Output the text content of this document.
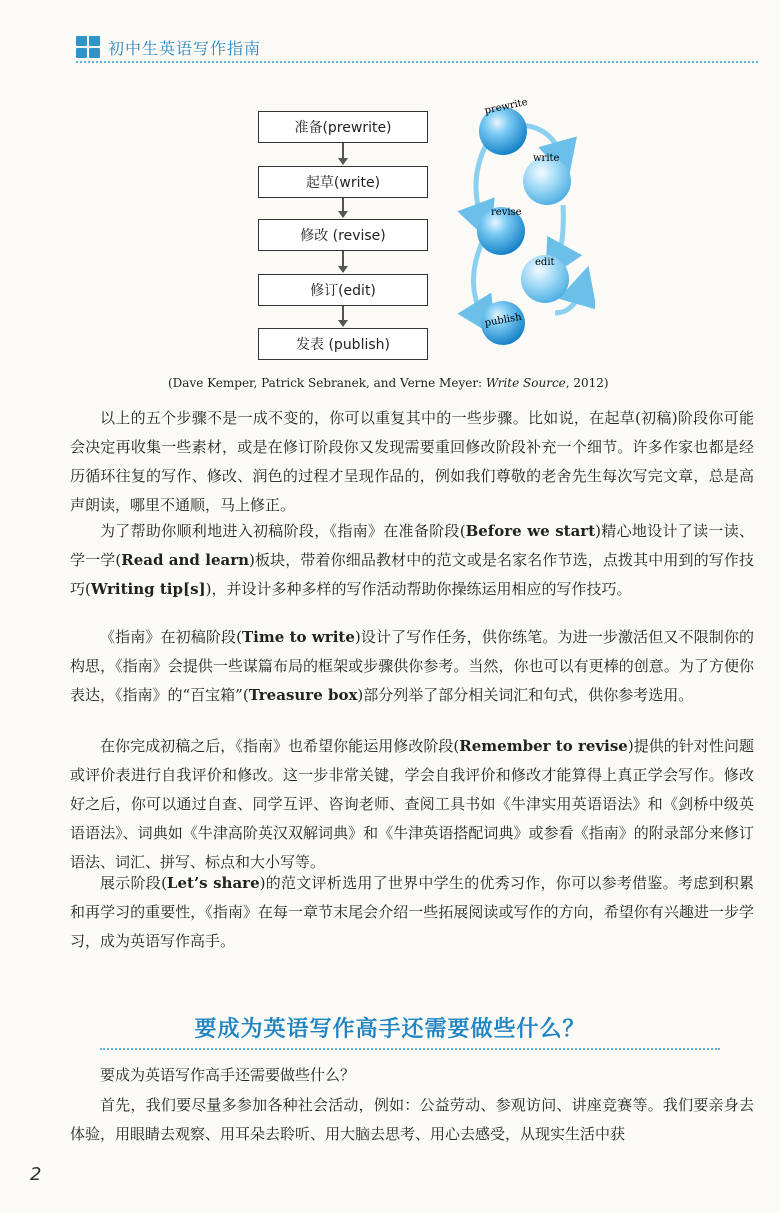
初中生英语写作指南
准备(prewrite)
起草(write)
修改 (revise)
修订(edit)
发表 (publish)
prewrite
write
revise
edit
publish
(Dave Kemper, Patrick Sebranek, and Verne Meyer: Write Source, 2012)
以上的五个步骤不是一成不变的，你可以重复其中的一些步骤。比如说，在起草(初稿)阶段你可能会决定再收集一些素材，或是在修订阶段你又发现需要重回修改阶段补充一个细节。许多作家也都是经历循环往复的写作、修改、润色的过程才呈现作品的，例如我们尊敬的老舍先生每次写完文章，总是高声朗读，哪里不通顺，马上修正。
为了帮助你顺利地进入初稿阶段，《指南》在准备阶段(Before we start)精心地设计了读一读、学一学(Read and learn)板块，带着你细品教材中的范文或是名家名作节选，点拨其中用到的写作技巧(Writing tip[s])，并设计多种多样的写作活动帮助你操练运用相应的写作技巧。
《指南》在初稿阶段(Time to write)设计了写作任务，供你练笔。为进一步激活但又不限制你的构思，《指南》会提供一些谋篇布局的框架或步骤供你参考。当然，你也可以有更棒的创意。为了方便你表达，《指南》的“百宝箱”(Treasure box)部分列举了部分相关词汇和句式，供你参考选用。
在你完成初稿之后，《指南》也希望你能运用修改阶段(Remember to revise)提供的针对性问题或评价表进行自我评价和修改。这一步非常关键，学会自我评价和修改才能算得上真正学会写作。修改好之后，你可以通过自查、同学互评、咨询老师、查阅工具书如《牛津实用英语语法》和《剑桥中级英语语法》、词典如《牛津高阶英汉双解词典》和《牛津英语搭配词典》或参看《指南》的附录部分来修订语法、词汇、拼写、标点和大小写等。
展示阶段(Let’s share)的范文评析选用了世界中学生的优秀习作，你可以参考借鉴。考虑到积累和再学习的重要性，《指南》在每一章节末尾会介绍一些拓展阅读或写作的方向，希望你有兴趣进一步学习，成为英语写作高手。
要成为英语写作高手还需要做些什么？
要成为英语写作高手还需要做些什么？
首先，我们要尽量多参加各种社会活动，例如：公益劳动、参观访问、讲座竞赛等。我们要亲身去体验，用眼睛去观察、用耳朵去聆听、用大脑去思考、用心去感受，从现实生活中获
2
